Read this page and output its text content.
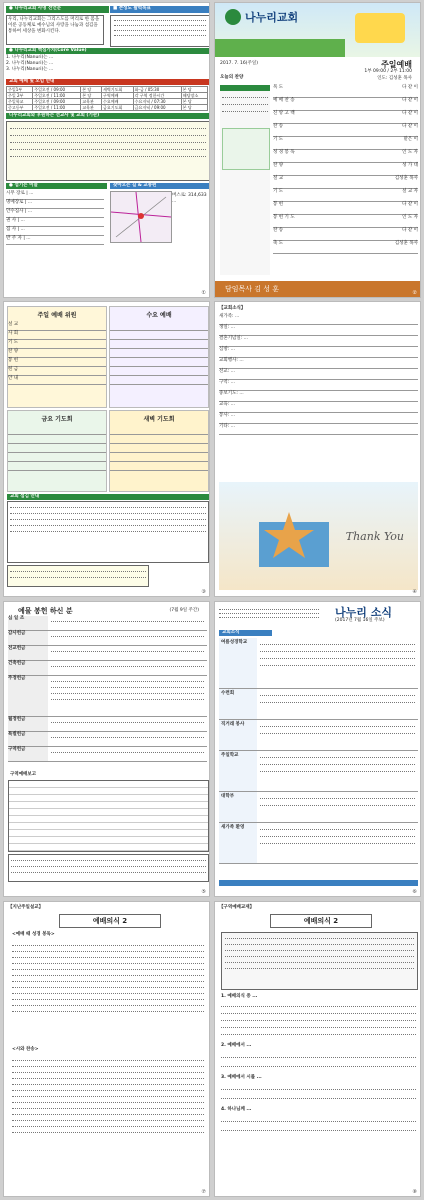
● 나누리교회 사명 선언문	■ 존성도 활력목표
우리, 나누리교회는 그리스도를 머리로 한 몸을 이룬 공동체로 예수님의 사랑을 나눔과 섬김을 통하여 세상을 변화시킨다.
● 나누리교회 핵심가치(Core Value)
1. 나누리(Nanuri)는 ...
2. 나누리(Nanuri)는 ...
3. 나누리(Nanuri)는 ...
교회 예배 및 모임 안내
주일1부	주일오전 / 09:00	본 당	새벽기도회	화-금 / 05:30	본 당
주일 2부	주일오전 / 11:00	본 당	구역예배	각 구역 정한시간	해당장소
주일학교	주일오전 / 09:00	교육관	수요예배	수요저녁 / 07:30	본 당
중고등부	주일오전 / 11:00	교육관	금요기도회	금요저녁 / 09:00	본 당
나누리교회와 후원하는 선교사 및 교회 (기관)
● 섬기는 이들	찾아오는 길 & 교통편
시무 장로 | ...
명예장로 | ...
안수집사 | ...
권 사 | ...
집 사 | ...
반 주 자 | ...
버스로: 314,633 ...
①
나누리교회
2017. 7. 16(주일)	주일예배
1부 09:00 / 2부 11:00
오늘의 찬양	인도: 김성훈 목사
묵 도	다 같 이
예 배 찬 송	다 같 이
신 앙 고 백	다 같 이
찬 송	다 같 이
기 도	맡은 이
성 경 봉 독	인 도 자
찬 양	성 가 대
설 교	김성훈 목사
기 도	설 교 자
봉 헌	다 같 이
봉 헌 기 도	인 도 자
찬 송	다 같 이
축 도	김성훈 목사
담임목사 김 성 훈	②
주일 예배 위원
설 교
사 회
기 도
찬 양
봉 헌
헌 금
안 내
수요 예배
금요 기도회	새벽 기도회
교회 섬김 안내
③
【교회소식】
새가족: ...
생일: ...
결혼기념일: ...
심방: ...
교회행사: ...
선교: ...
구역: ...
중보기도: ...
교육: ...
봉사: ...
기타: ...
Thank You
④
예물 봉헌 하신 분	(7월 9일 주간)
십 일 조
감사헌금
선교헌금
건축헌금
주정헌금
월정헌금
특별헌금
구역헌금
구역예배보고
⑤
나누리 소식
(2017년 7월 16일 주보)
교회소식
여름성경학교
수련회
직거래 봉사
주일학교
대학부
새가족 환영
⑥
【지난주일설교】
예배의식 2
<예배 때 성경 봉독>
<시와 찬송>
⑦
【구역예배교재】
예배의식 2
1. 예배의식 중 ...
2. 예배에서 ...
3. 예배에서 시를 ...
4. 하나님께 ...
⑧
